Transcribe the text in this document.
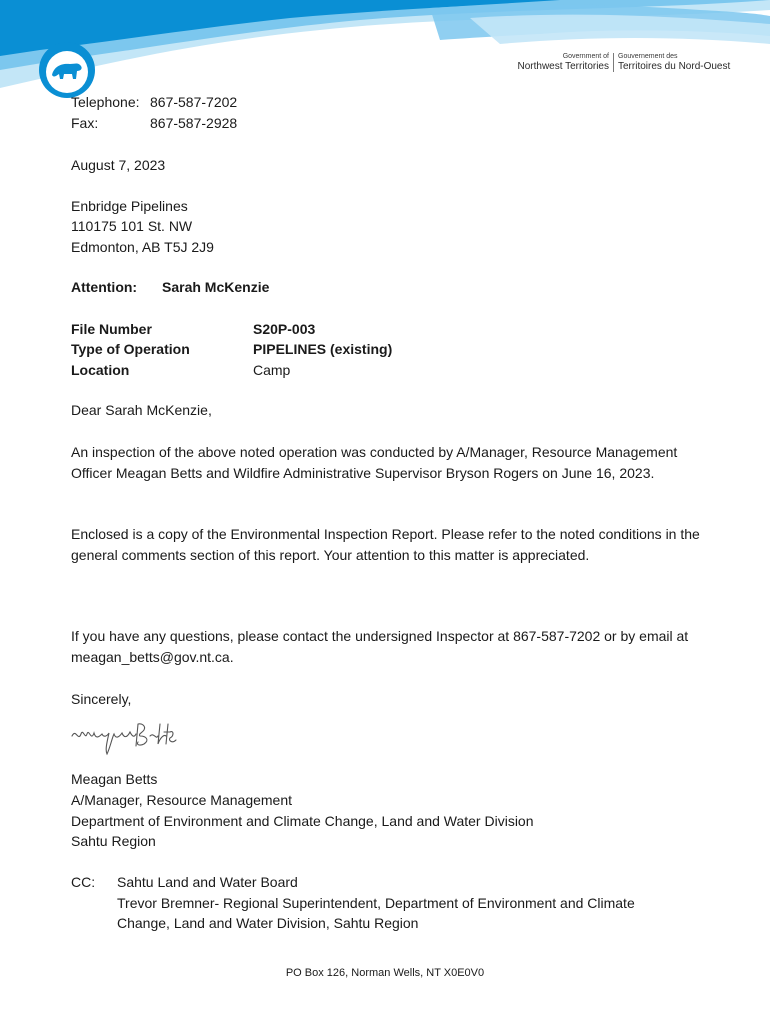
Government of
Northwest Territories
Gouvernement des
Territoires du Nord-Ouest
Telephone: 867-587-7202
Fax:	867-587-2928
August 7, 2023
Enbridge Pipelines
110175 101 St. NW
Edmonton, AB T5J 2J9
Attention: Sarah McKenzie
File Number	S20P-003
Type of Operation	PIPELINES (existing)
Location	Camp
Dear Sarah McKenzie,
An inspection of the above noted operation was conducted by A/Manager, Resource Management Officer Meagan Betts and Wildfire Administrative Supervisor Bryson Rogers on June 16, 2023.
Enclosed is a copy of the Environmental Inspection Report. Please refer to the noted conditions in the general comments section of this report. Your attention to this matter is appreciated.
If you have any questions, please contact the undersigned Inspector at 867-587-7202 or by email at meagan_betts@gov.nt.ca.
Sincerely,
Meagan Betts
A/Manager, Resource Management
Department of Environment and Climate Change, Land and Water Division
Sahtu Region
CC: Sahtu Land and Water Board
Trevor Bremner- Regional Superintendent, Department of Environment and Climate
Change, Land and Water Division, Sahtu Region
PO Box 126, Norman Wells, NT X0E0V0
